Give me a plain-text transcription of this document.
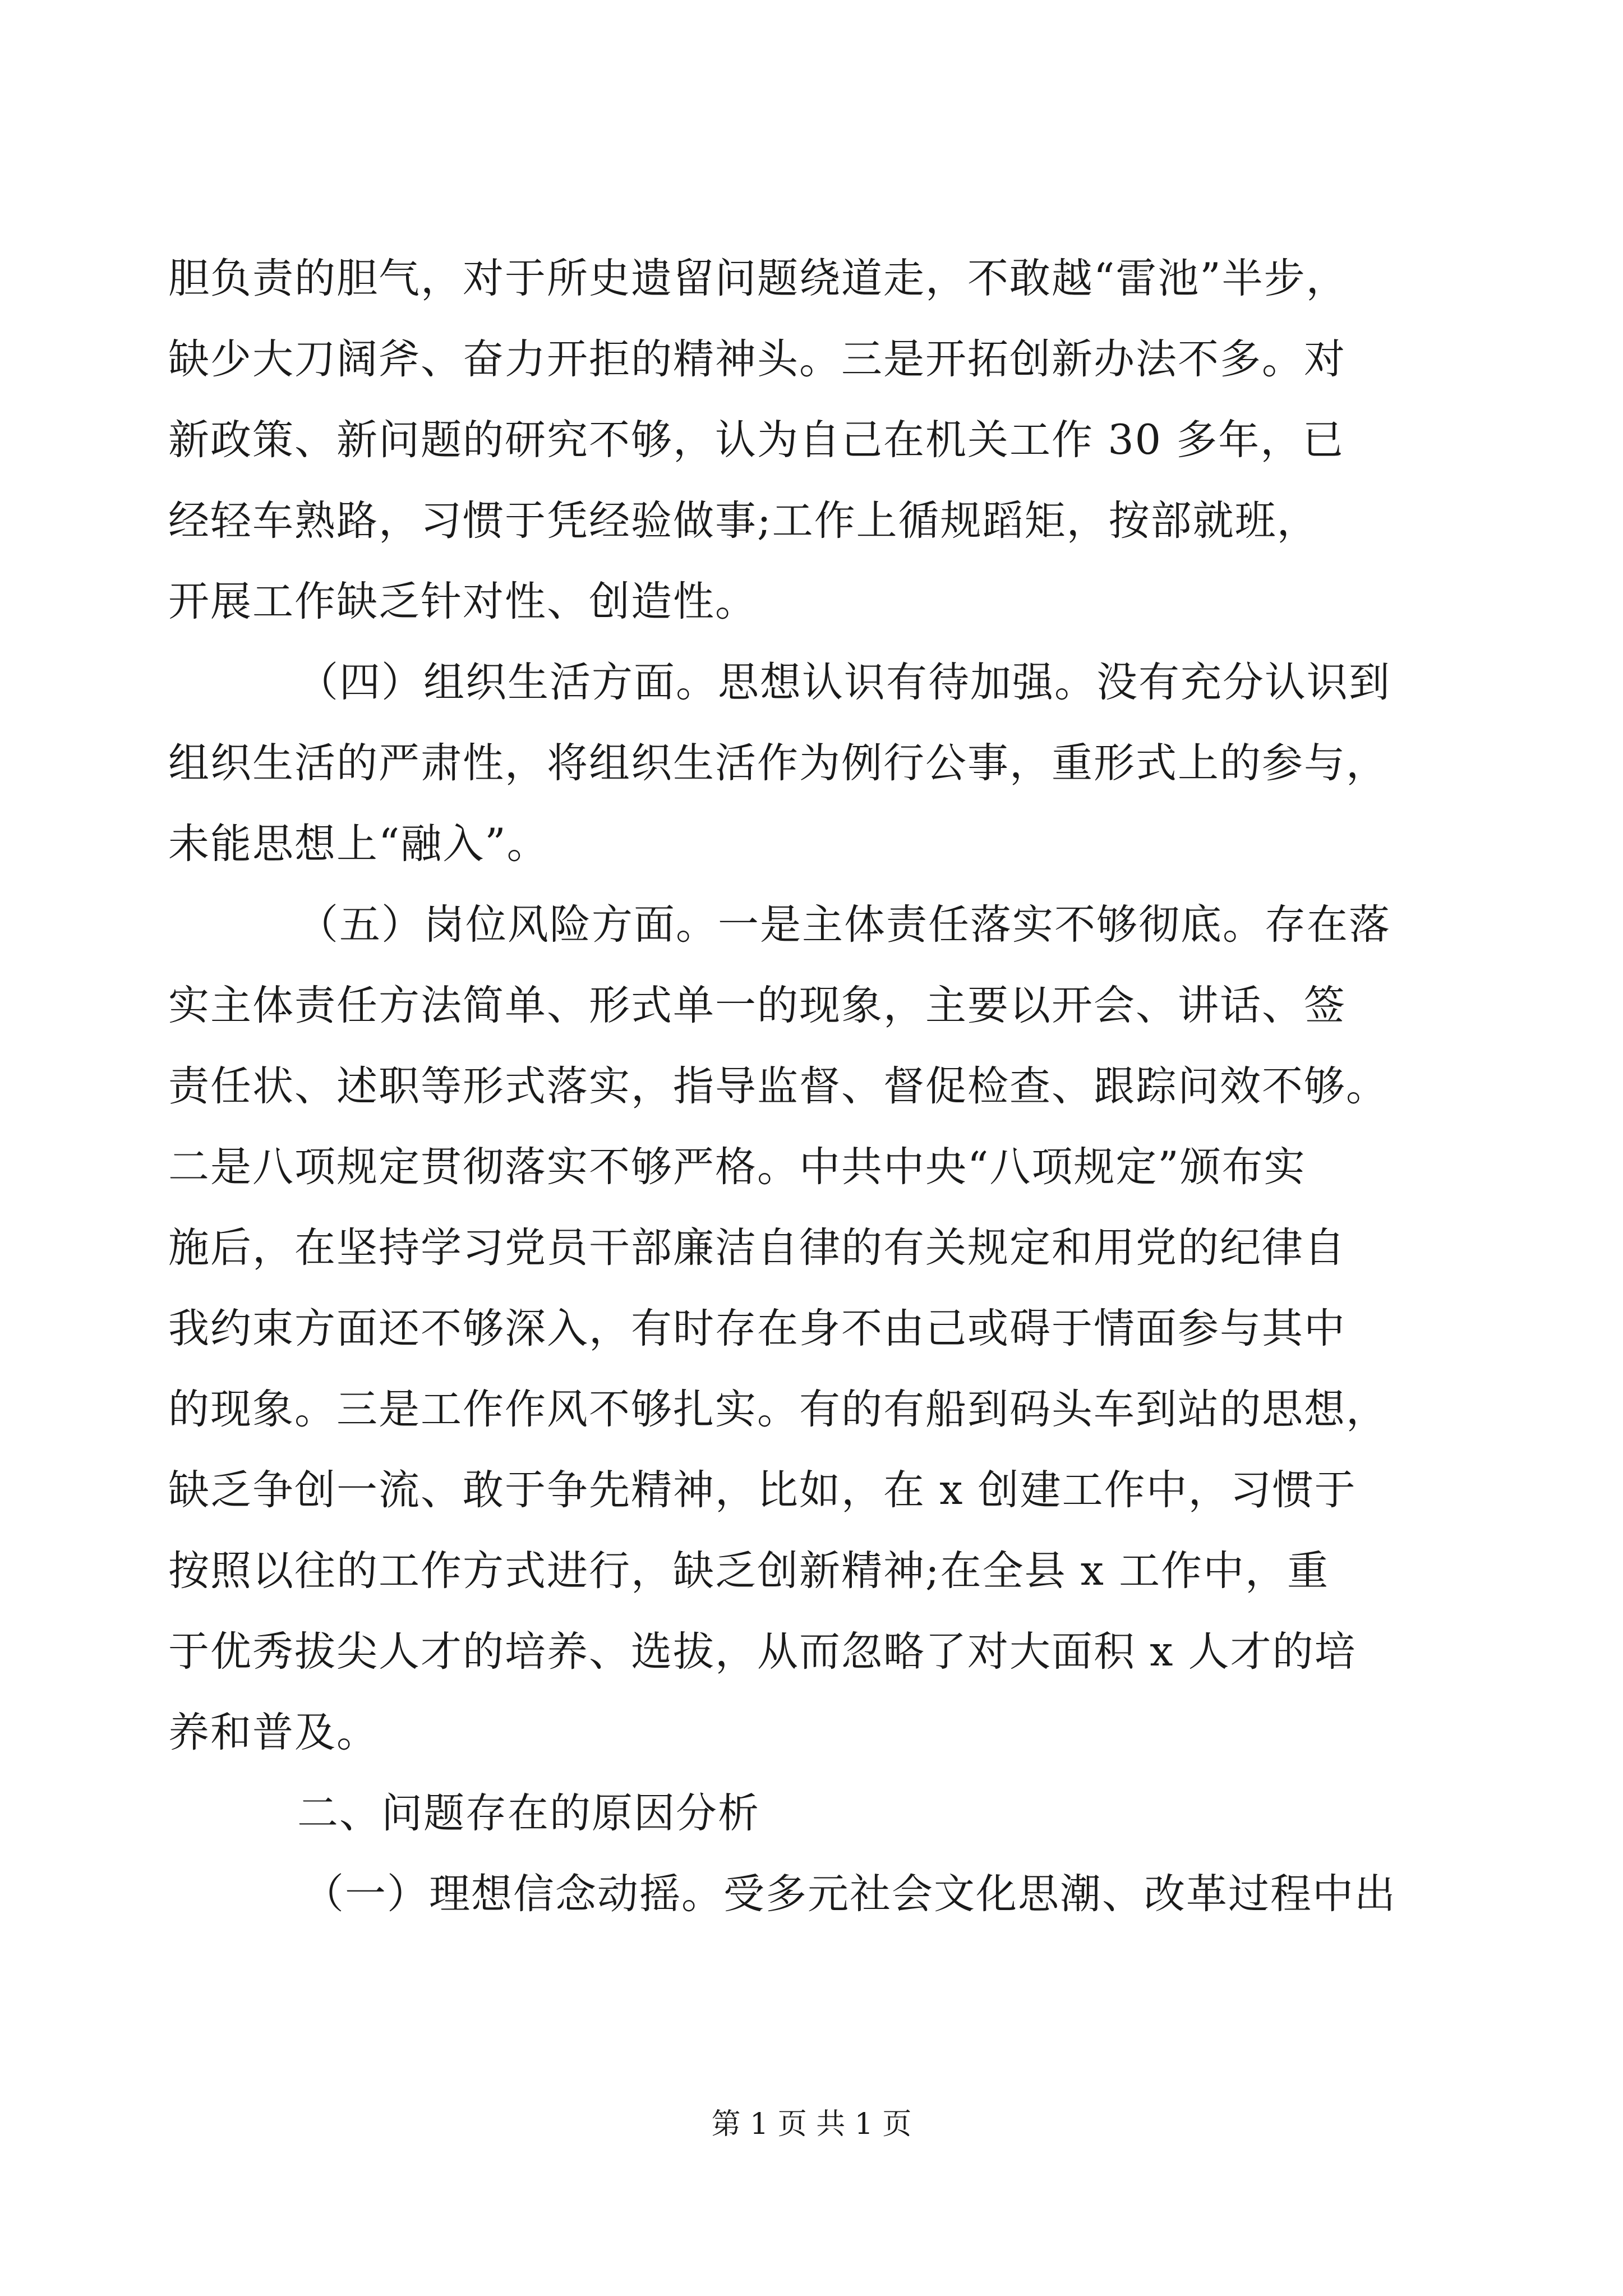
胆负责的胆气，对于所史遗留问题绕道走，不敢越“雷池”半步，
缺少大刀阔斧、奋力开拒的精神头。三是开拓创新办法不多。对
新政策、新问题的研究不够，认为自己在机关工作 30 多年，已
经轻车熟路，习惯于凭经验做事;工作上循规蹈矩，按部就班，
开展工作缺乏针对性、创造性。
（四）组织生活方面。思想认识有待加强。没有充分认识到
组织生活的严肃性，将组织生活作为例行公事，重形式上的参与，
未能思想上“融入”。
（五）岗位风险方面。一是主体责任落实不够彻底。存在落
实主体责任方法简单、形式单一的现象，主要以开会、讲话、签
责任状、述职等形式落实，指导监督、督促检查、跟踪问效不够。
二是八项规定贯彻落实不够严格。中共中央“八项规定”颁布实
施后，在坚持学习党员干部廉洁自律的有关规定和用党的纪律自
我约束方面还不够深入，有时存在身不由己或碍于情面参与其中
的现象。三是工作作风不够扎实。有的有船到码头车到站的思想，
缺乏争创一流、敢于争先精神，比如，在 x 创建工作中，习惯于
按照以往的工作方式进行，缺乏创新精神;在全县 x 工作中，重
于优秀拔尖人才的培养、选拔，从而忽略了对大面积 x 人才的培
养和普及。
二、问题存在的原因分析
（一）理想信念动摇。受多元社会文化思潮、改革过程中出
第 1 页 共 1 页
